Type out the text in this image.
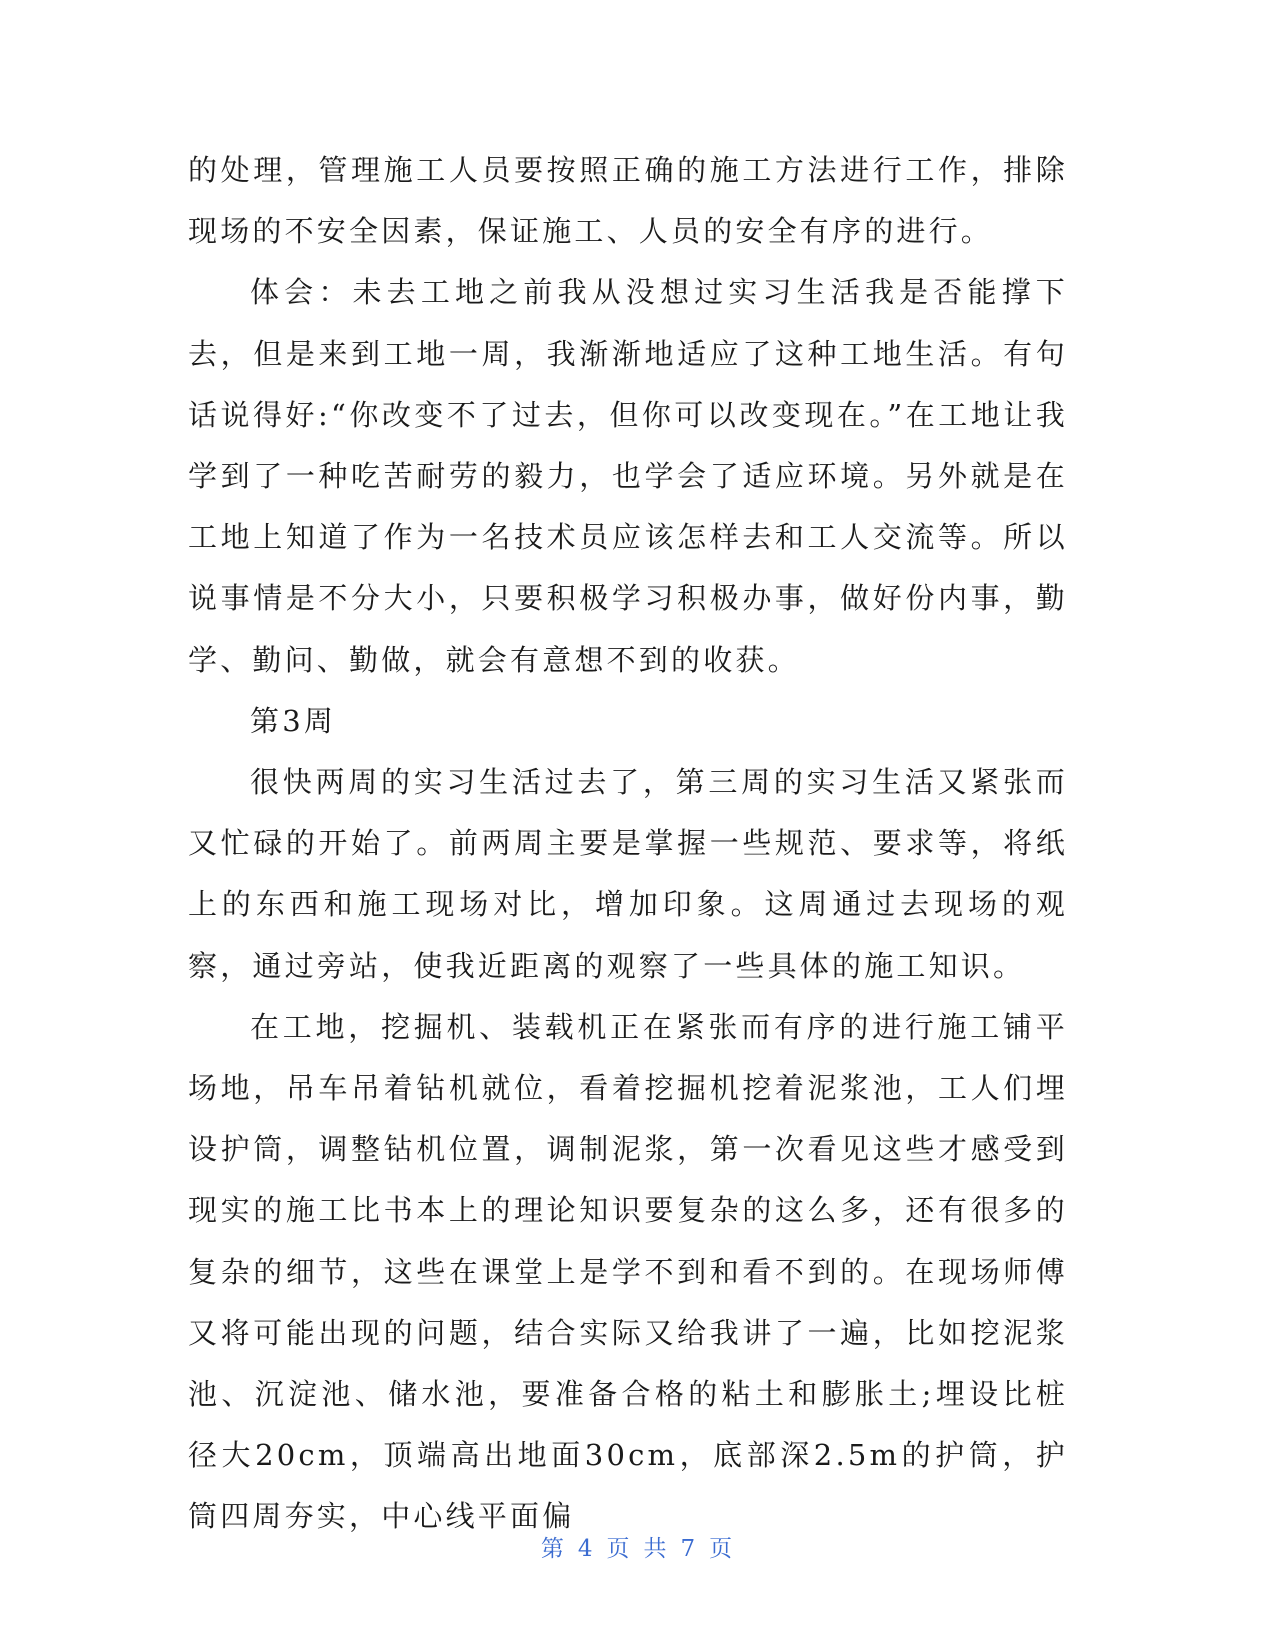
的处理，管理施工人员要按照正确的施工方法进行工作，排除现场的不安全因素，保证施工、人员的安全有序的进行。

体会：未去工地之前我从没想过实习生活我是否能撑下去，但是来到工地一周，我渐渐地适应了这种工地生活。有句话说得好:“你改变不了过去，但你可以改变现在。”在工地让我学到了一种吃苦耐劳的毅力，也学会了适应环境。另外就是在工地上知道了作为一名技术员应该怎样去和工人交流等。所以说事情是不分大小，只要积极学习积极办事，做好份内事，勤学、勤问、勤做，就会有意想不到的收获。

第3周

很快两周的实习生活过去了，第三周的实习生活又紧张而又忙碌的开始了。前两周主要是掌握一些规范、要求等，将纸上的东西和施工现场对比，增加印象。这周通过去现场的观察，通过旁站，使我近距离的观察了一些具体的施工知识。

在工地，挖掘机、装载机正在紧张而有序的进行施工铺平场地，吊车吊着钻机就位，看着挖掘机挖着泥浆池，工人们埋设护筒，调整钻机位置，调制泥浆，第一次看见这些才感受到现实的施工比书本上的理论知识要复杂的这么多，还有很多的复杂的细节，这些在课堂上是学不到和看不到的。在现场师傅又将可能出现的问题，结合实际又给我讲了一遍，比如挖泥浆池、沉淀池、储水池，要准备合格的粘土和膨胀土;埋设比桩径大20cm，顶端高出地面30cm，底部深2.5m的护筒，护筒四周夯实，中心线平面偏

第 4 页 共 7 页
